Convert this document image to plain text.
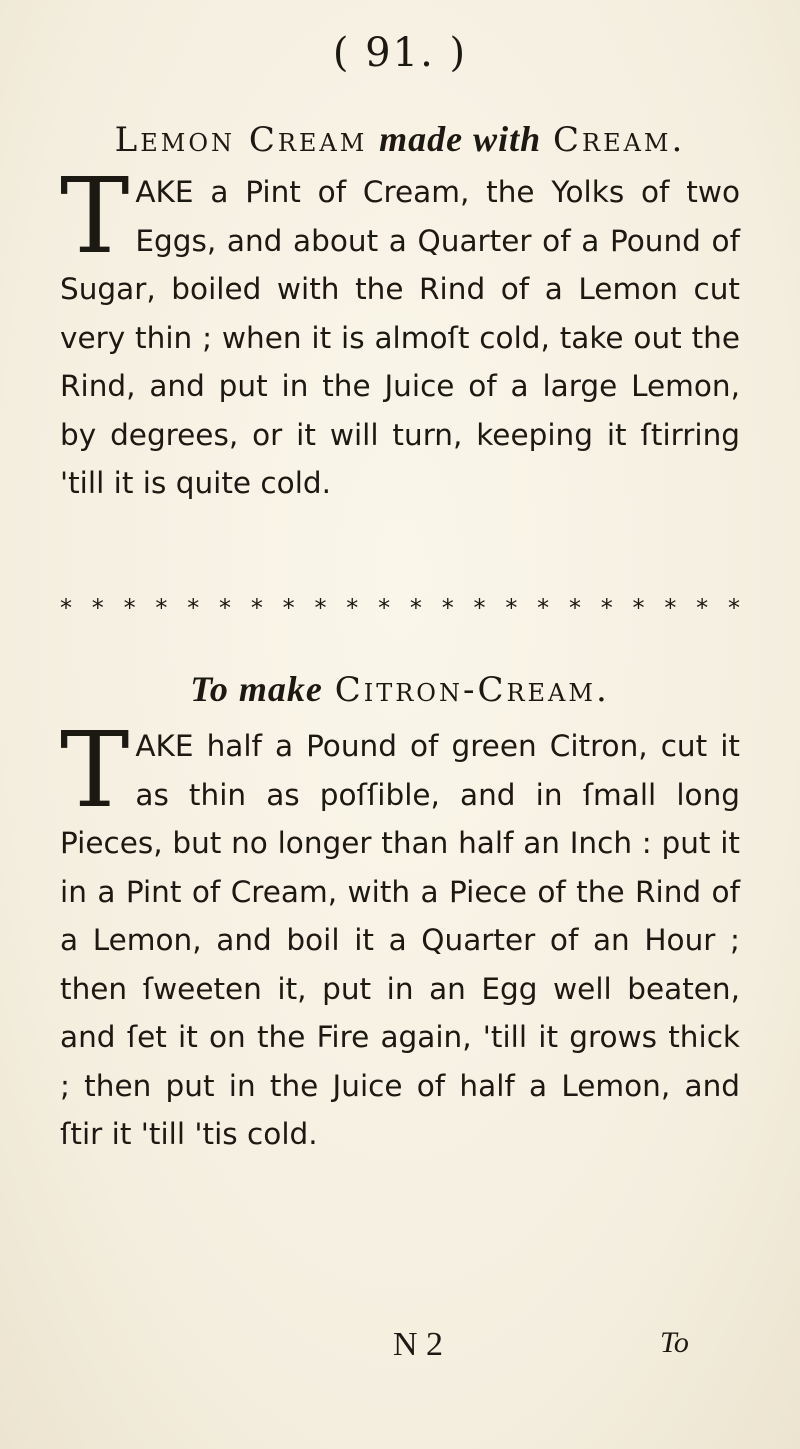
( 91. )
Lemon Cream made with Cream.

TAKE a Pint of Cream, the Yolks of two Eggs, and about a Quarter of a Pound of Sugar, boiled with the Rind of a Lemon cut very thin ; when it is almoſt cold, take out the Rind, and put in the Juice of a large Lemon, by degrees, or it will turn, keeping it ſtirring 'till it is quite cold.

* * * * * * * * * * * * * * * * * * * * * *
To make Citron-Cream.

TAKE half a Pound of green Citron, cut it as thin as poſſible, and in ſmall long Pieces, but no longer than half an Inch : put it in a Pint of Cream, with a Piece of the Rind of a Lemon, and boil it a Quarter of an Hour ; then ſweeten it, put in an Egg well beaten, and ſet it on the Fire again, 'till it grows thick ; then put in the Juice of half a Lemon, and ſtir it 'till 'tis cold.

N 2	To
